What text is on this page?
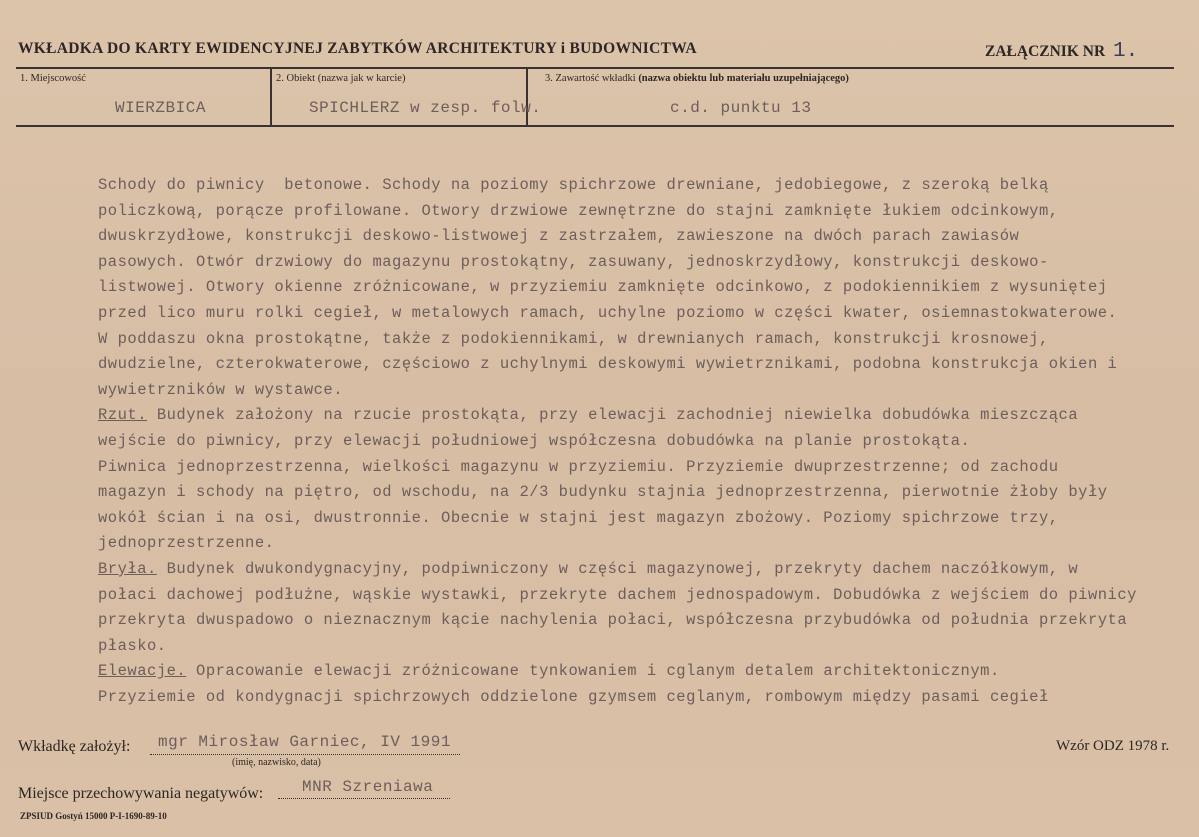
WKŁADKA DO KARTY EWIDENCYJNEJ ZABYTKÓW ARCHITEKTURY i BUDOWNICTWA	ZAŁĄCZNIK NR 1.
1. Miejscowość	2. Obiekt (nazwa jak w karcie)	3. Zawartość wkładki (nazwa obiektu lub materiału uzupełniającego)
WIERZBICA	SPICHLERZ w zesp. folw.	c.d. punktu 13
Schody do piwnicy  betonowe. Schody na poziomy spichrzowe drewniane, jedobiegowe, z szeroką belką
policzkową, porącze profilowane. Otwory drzwiowe zewnętrzne do stajni zamknięte łukiem odcinkowym,
dwuskrzydłowe, konstrukcji deskowo-listwowej z zastrzałem, zawieszone na dwóch parach zawiasów
pasowych. Otwór drzwiowy do magazynu prostokątny, zasuwany, jednoskrzydłowy, konstrukcji deskowo-
listwowej. Otwory okienne zróżnicowane, w przyziemiu zamknięte odcinkowo, z podokiennikiem z wysuniętej
przed lico muru rolki cegieł, w metalowych ramach, uchylne poziomo w części kwater, osiemnastokwaterowe.
W poddaszu okna prostokątne, także z podokiennikami, w drewnianych ramach, konstrukcji krosnowej,
dwudzielne, czterokwaterowe, częściowo z uchylnymi deskowymi wywietrznikami, podobna konstrukcja okien i
wywietrzników w wystawce.
Rzut. Budynek założony na rzucie prostokąta, przy elewacji zachodniej niewielka dobudówka mieszcząca
wejście do piwnicy, przy elewacji południowej współczesna dobudówka na planie prostokąta.
Piwnica jednoprzestrzenna, wielkości magazynu w przyziemiu. Przyziemie dwuprzestrzenne; od zachodu
magazyn i schody na piętro, od wschodu, na 2/3 budynku stajnia jednoprzestrzenna, pierwotnie żłoby były
wokół ścian i na osi, dwustronnie. Obecnie w stajni jest magazyn zbożowy. Poziomy spichrzowe trzy,
jednoprzestrzenne.
Bryła. Budynek dwukondygnacyjny, podpiwniczony w części magazynowej, przekryty dachem naczółkowym, w
połaci dachowej podłużne, wąskie wystawki, przekryte dachem jednospadowym. Dobudówka z wejściem do piwnicy
przekryta dwuspadowo o nieznacznym kącie nachylenia połaci, współczesna przybudówka od południa przekryta
płasko.
Elewacje. Opracowanie elewacji zróżnicowane tynkowaniem i cglanym detalem architektonicznym.
Przyziemie od kondygnacji spichrzowych oddzielone gzymsem ceglanym, rombowym między pasami cegieł
Wkładkę założył: mgr Mirosław Garniec, IV 1991
(imię, nazwisko, data)
Wzór ODZ 1978 r.
Miejsce przechowywania negatywów: MNR Szreniawa
ZPSIUD Gostyń 15000 P-I-1690-89-10
